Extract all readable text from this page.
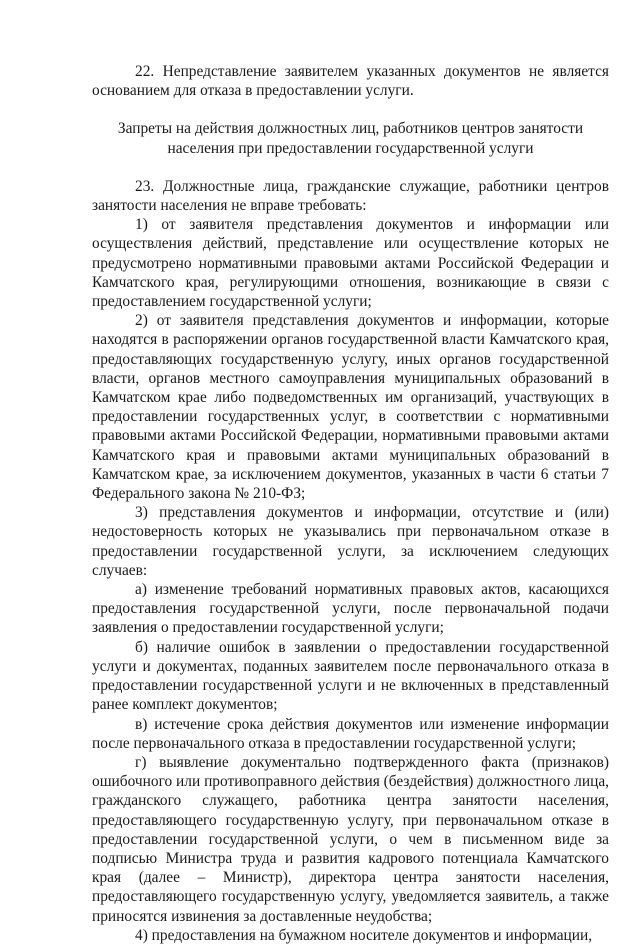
22. Непредставление заявителем указанных документов не является основанием для отказа в предоставлении услуги.

Запреты на действия должностных лиц, работников центров занятости
населения при предоставлении государственной услуги

23. Должностные лица, гражданские служащие, работники центров занятости населения не вправе требовать:

1) от заявителя представления документов и информации или осуществления действий, представление или осуществление которых не предусмотрено нормативными правовыми актами Российской Федерации и Камчатского края, регулирующими отношения, возникающие в связи с предоставлением государственной услуги;

2) от заявителя представления документов и информации, которые находятся в распоряжении органов государственной власти Камчатского края, предоставляющих государственную услугу, иных органов государственной власти, органов местного самоуправления муниципальных образований в Камчатском крае либо подведомственных им организаций, участвующих в предоставлении государственных услуг, в соответствии с нормативными правовыми актами Российской Федерации, нормативными правовыми актами Камчатского края и правовыми актами муниципальных образований в Камчатском крае, за исключением документов, указанных в части 6 статьи 7 Федерального закона № 210-ФЗ;

3) представления документов и информации, отсутствие и (или) недостоверность которых не указывались при первоначальном отказе в предоставлении государственной услуги, за исключением следующих случаев:

а) изменение требований нормативных правовых актов, касающихся предоставления государственной услуги, после первоначальной подачи заявления о предоставлении государственной услуги;

б) наличие ошибок в заявлении о предоставлении государственной услуги и документах, поданных заявителем после первоначального отказа в предоставлении государственной услуги и не включенных в представленный ранее комплект документов;

в) истечение срока действия документов или изменение информации после первоначального отказа в предоставлении государственной услуги;

г) выявление документально подтвержденного факта (признаков) ошибочного или противоправного действия (бездействия) должностного лица, гражданского служащего, работника центра занятости населения, предоставляющего государственную услугу, при первоначальном отказе в предоставлении государственной услуги, о чем в письменном виде за подписью Министра труда и развития кадрового потенциала Камчатского края (далее – Министр), директора центра занятости населения, предоставляющего государственную услугу, уведомляется заявитель, а также приносятся извинения за доставленные неудобства;

4) предоставления на бумажном носителе документов и информации,
